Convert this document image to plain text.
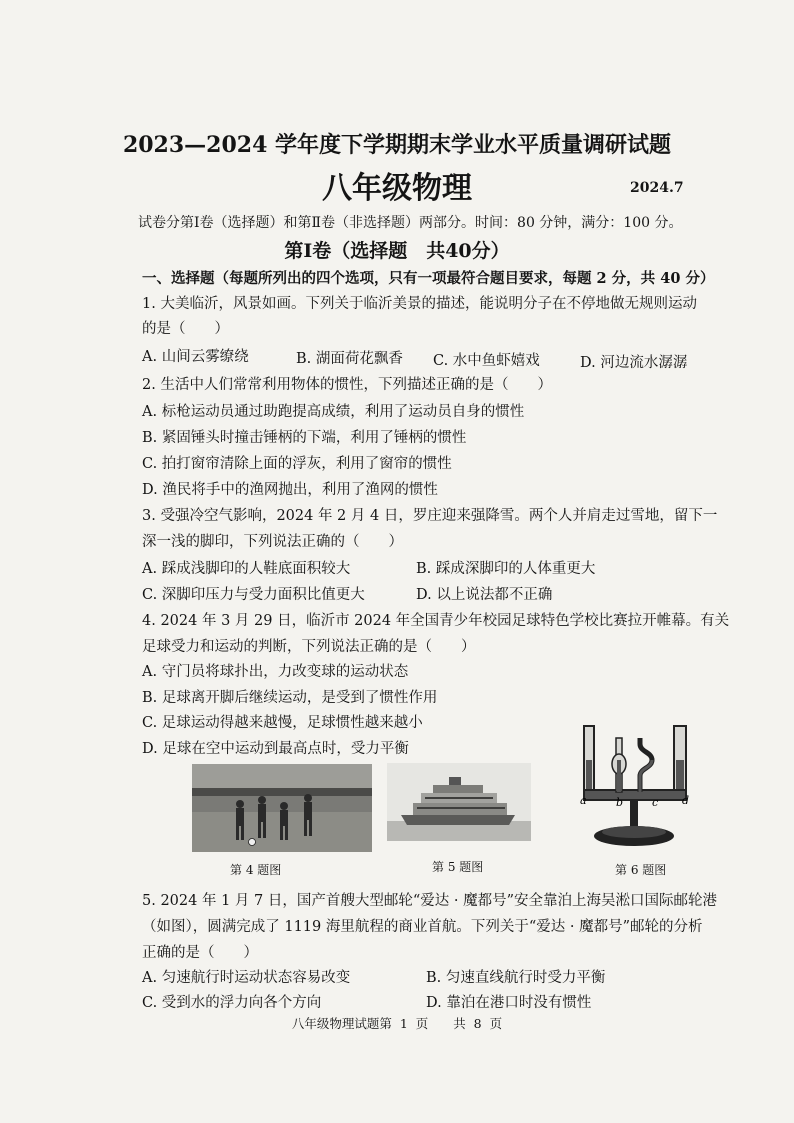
2023—2024 学年度下学期期末学业水平质量调研试题
八年级物理	2024.7
试卷分第Ⅰ卷（选择题）和第Ⅱ卷（非选择题）两部分。时间：80 分钟，满分：100 分。
第Ⅰ卷（选择题　共40分）
一、选择题（每题所列出的四个选项，只有一项最符合题目要求，每题 2 分，共 40 分）
1. 大美临沂，风景如画。下列关于临沂美景的描述，能说明分子在不停地做无规则运动
的是（　　）
A. 山间云雾缭绕	B. 湖面荷花飘香 C. 水中鱼虾嬉戏	D. 河边流水潺潺
2. 生活中人们常常利用物体的惯性，下列描述正确的是（　　）
A. 标枪运动员通过助跑提高成绩，利用了运动员自身的惯性
B. 紧固锤头时撞击锤柄的下端，利用了锤柄的惯性
C. 拍打窗帘清除上面的浮灰，利用了窗帘的惯性
D. 渔民将手中的渔网抛出，利用了渔网的惯性
3. 受强冷空气影响，2024 年 2 月 4 日，罗庄迎来强降雪。两个人并肩走过雪地，留下一
深一浅的脚印，下列说法正确的（　　）
A. 踩成浅脚印的人鞋底面积较大	B. 踩成深脚印的人体重更大
C. 深脚印压力与受力面积比值更大	D. 以上说法都不正确
4. 2024 年 3 月 29 日，临沂市 2024 年全国青少年校园足球特色学校比赛拉开帷幕。有关
足球受力和运动的判断，下列说法正确的是（　　）
A. 守门员将球扑出，力改变球的运动状态
B. 足球离开脚后继续运动，是受到了惯性作用
C. 足球运动得越来越慢，足球惯性越来越小
D. 足球在空中运动到最高点时，受力平衡
第 4 题图	第 5 题图
a	b	c d
第 6 题图
5. 2024 年 1 月 7 日，国产首艘大型邮轮“爱达 · 魔都号”安全靠泊上海吴淞口国际邮轮港
（如图），圆满完成了 1119 海里航程的商业首航。下列关于“爱达 · 魔都号”邮轮的分析
正确的是（　　）
A. 匀速航行时运动状态容易改变	B. 匀速直线航行时受力平衡
C. 受到水的浮力向各个方向	D. 靠泊在港口时没有惯性
八年级物理试题第  1  页　　共  8  页
